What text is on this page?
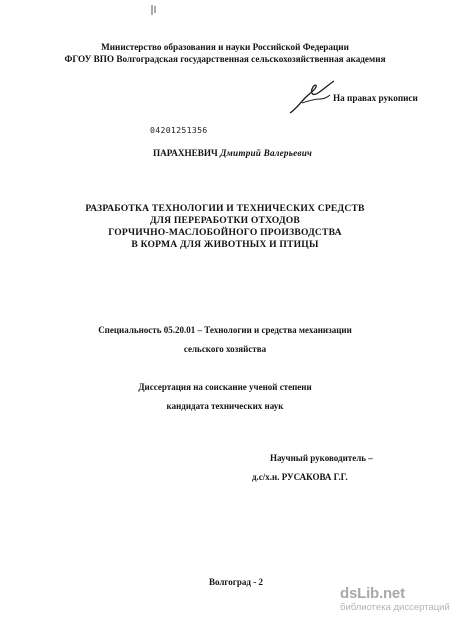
Министерство образования и науки Российской Федерации
ФГОУ ВПО Волгоградская государственная сельскохозяйственная академия
На правах рукописи
04201251356
ПАРАХНЕВИЧ Дмитрий Валерьевич
РАЗРАБОТКА ТЕХНОЛОГИИ И ТЕХНИЧЕСКИХ СРЕДСТВ
ДЛЯ ПЕРЕРАБОТКИ ОТХОДОВ
ГОРЧИЧНО-МАСЛОБОЙНОГО ПРОИЗВОДСТВА
В КОРМА ДЛЯ ЖИВОТНЫХ И ПТИЦЫ
Специальность 05.20.01 – Технологии и средства механизации
сельского хозяйства
Диссертация на соискание ученой степени
кандидата технических наук
Научный руководитель –
д.с/х.н. РУСАКОВА Г.Г.
Волгоград - 2
dsLib.net
библиотека диссертаций
